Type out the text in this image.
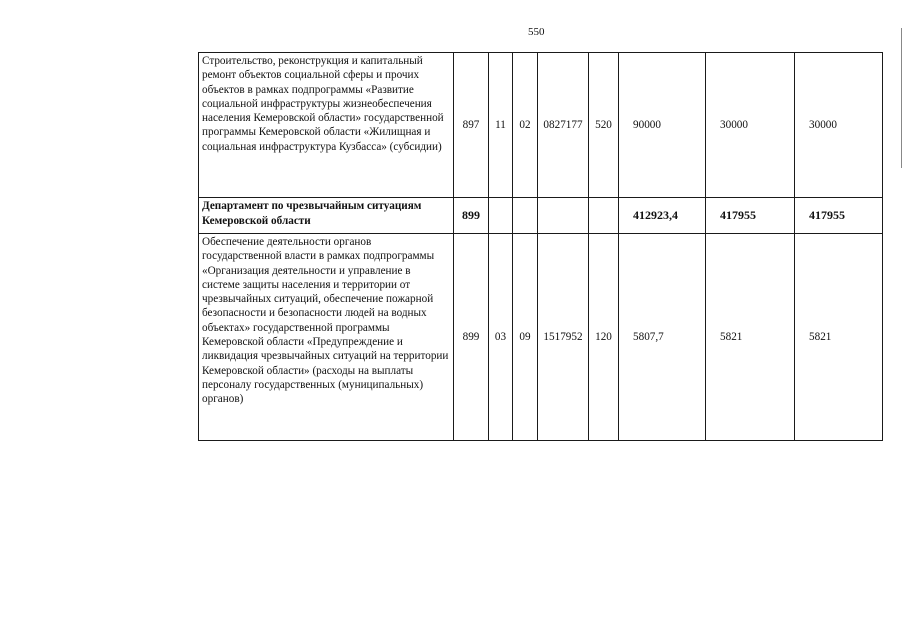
550
Строительство, реконструкция и капитальный ремонт объектов социальной сферы и прочих объектов в рамках подпрограммы «Развитие социальной инфраструктуры жизнеобеспечения населения Кемеровской области» государственной программы Кемеровской области «Жилищная и социальная инфраструктура Кузбасса» (субсидии)	897	11	02	0827177	520	90000	30000	30000
Департамент по чрезвычайным ситуациям Кемеровской области	899					412923,4	417955	417955
Обеспечение деятельности органов государственной власти в рамках подпрограммы «Организация деятельности и управление в системе защиты населения и территории от чрезвычайных ситуаций, обеспечение пожарной безопасности и безопасности людей на водных объектах» государственной программы Кемеровской области «Предупреждение и ликвидация чрезвычайных ситуаций на территории Кемеровской области» (расходы на выплаты персоналу государственных (муниципальных) органов)	899	03	09	1517952	120	5807,7	5821	5821
